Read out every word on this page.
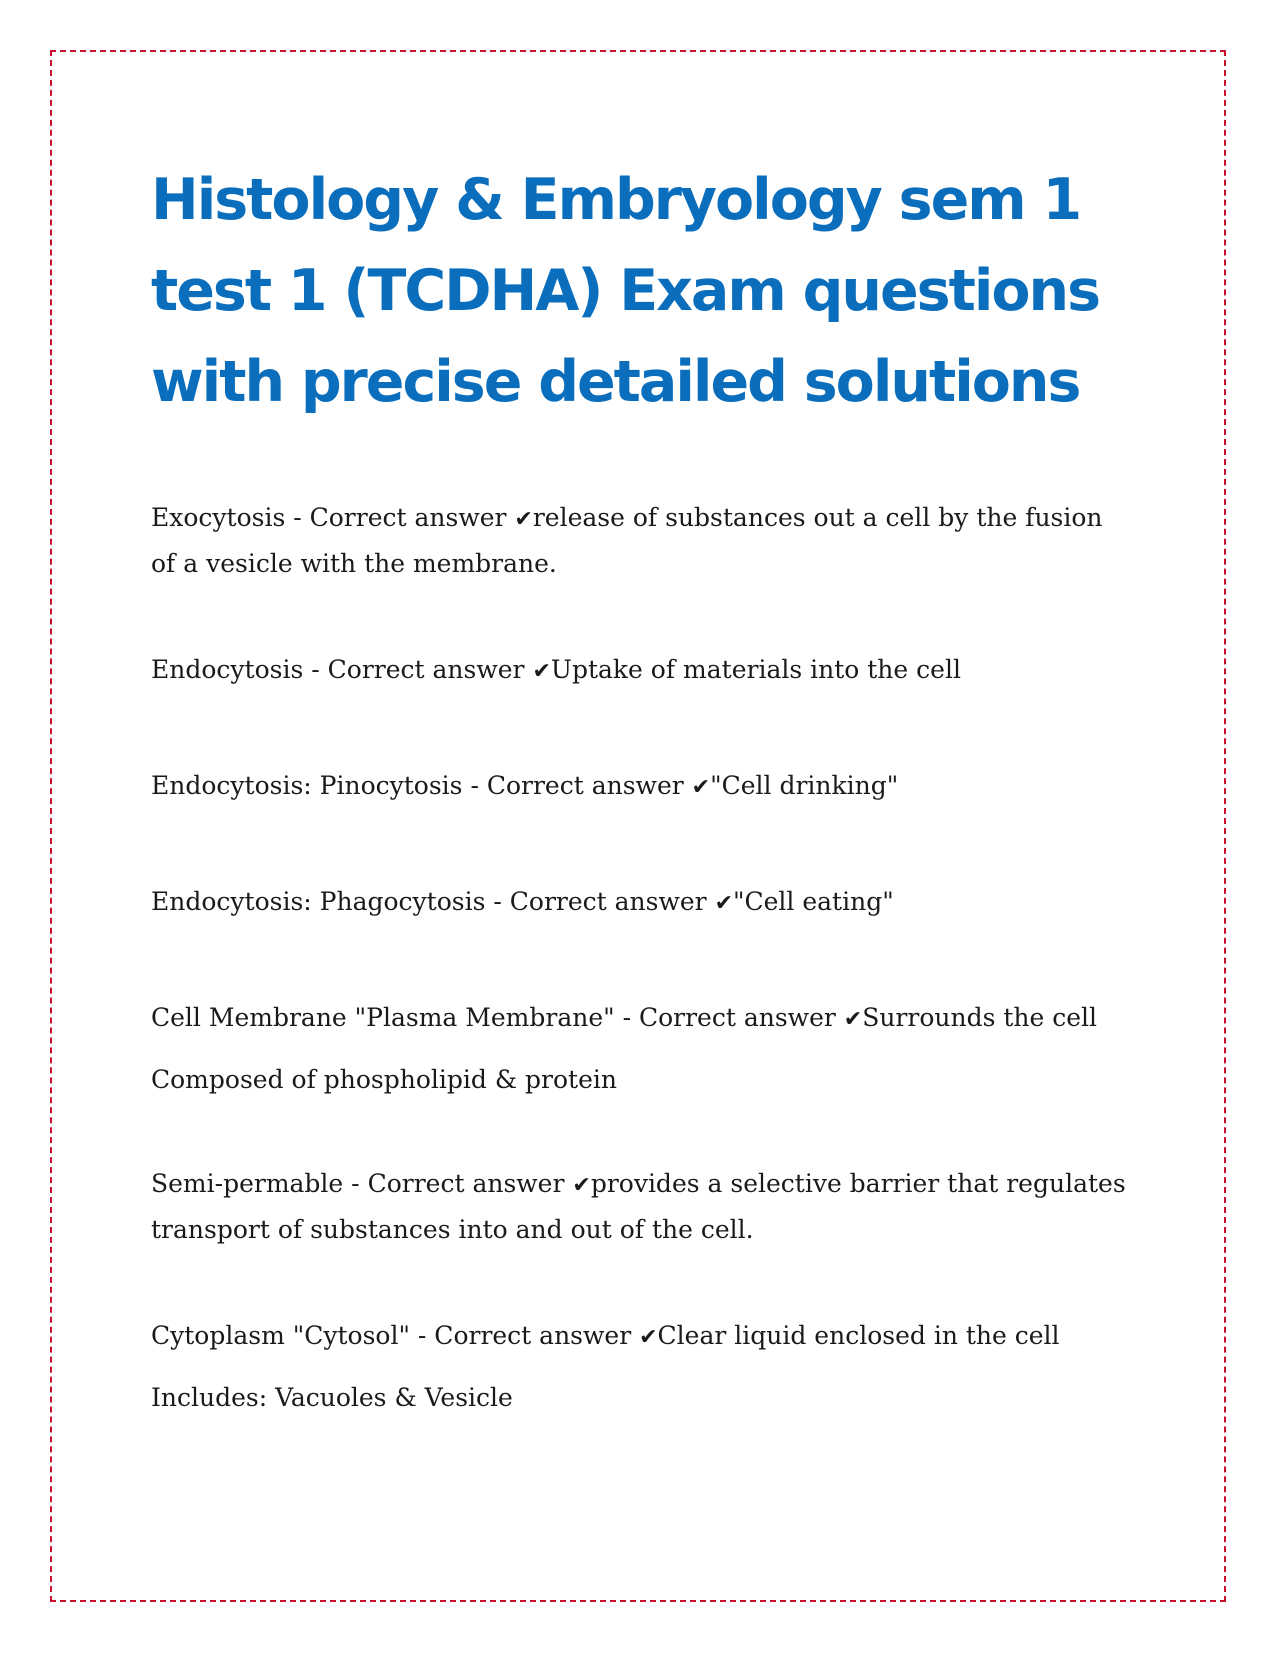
Histology & Embryology sem 1 test 1 (TCDHA) Exam questions with precise detailed solutions

Exocytosis - Correct answer ✔release of substances out a cell by the fusion of a vesicle with the membrane.

Endocytosis - Correct answer ✔Uptake of materials into the cell

Endocytosis: Pinocytosis - Correct answer ✔"Cell drinking"

Endocytosis: Phagocytosis - Correct answer ✔"Cell eating"

Cell Membrane "Plasma Membrane" - Correct answer ✔Surrounds the cell

Composed of phospholipid & protein

Semi-permable - Correct answer ✔provides a selective barrier that regulates transport of substances into and out of the cell.

Cytoplasm "Cytosol" - Correct answer ✔Clear liquid enclosed in the cell

Includes: Vacuoles & Vesicle
